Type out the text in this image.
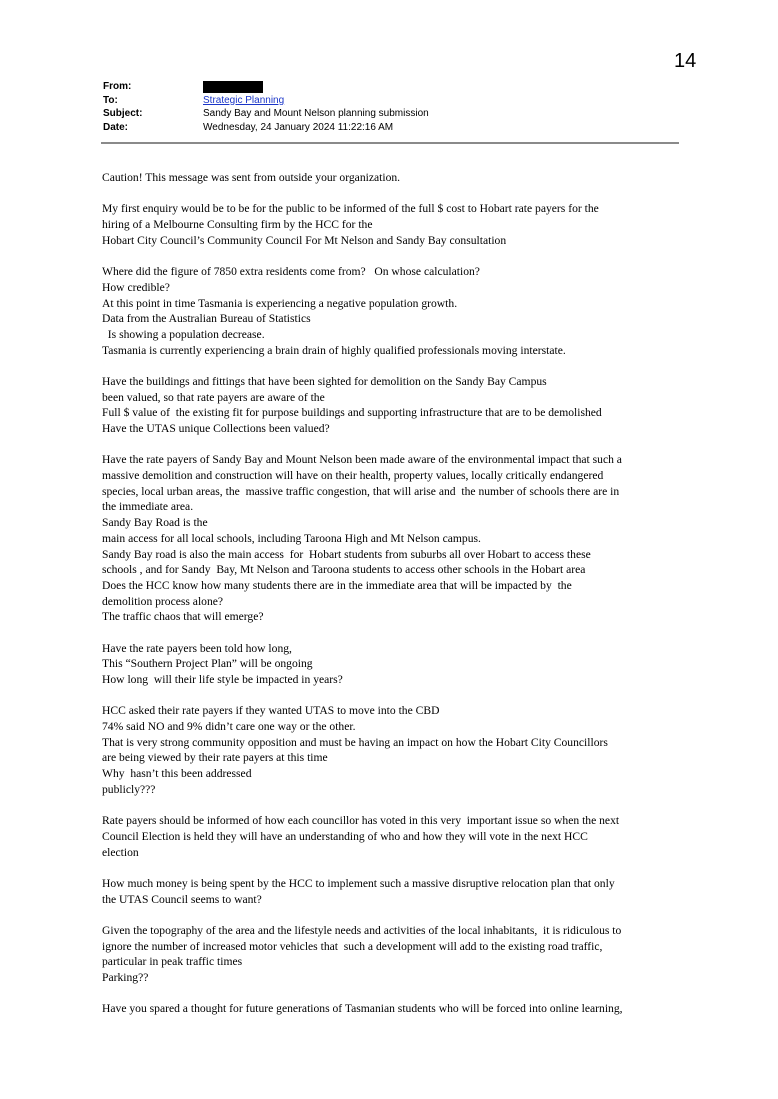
14
From:
To:	Strategic Planning
Subject:	Sandy Bay and Mount Nelson planning submission
Date:	Wednesday, 24 January 2024 11:22:16 AM
Caution! This message was sent from outside your organization.
My first enquiry would be to be for the public to be informed of the full $ cost to Hobart rate payers for the
hiring of a Melbourne Consulting firm by the HCC for the
Hobart City Council’s Community Council For Mt Nelson and Sandy Bay consultation
Where did the figure of 7850 extra residents come from?   On whose calculation?
How credible?
At this point in time Tasmania is experiencing a negative population growth.
Data from the Australian Bureau of Statistics
Is showing a population decrease.
Tasmania is currently experiencing a brain drain of highly qualified professionals moving interstate.
Have the buildings and fittings that have been sighted for demolition on the Sandy Bay Campus
been valued, so that rate payers are aware of the
Full $ value of  the existing fit for purpose buildings and supporting infrastructure that are to be demolished
Have the UTAS unique Collections been valued?
Have the rate payers of Sandy Bay and Mount Nelson been made aware of the environmental impact that such a
massive demolition and construction will have on their health, property values, locally critically endangered
species, local urban areas, the  massive traffic congestion, that will arise and  the number of schools there are in
the immediate area.
Sandy Bay Road is the
main access for all local schools, including Taroona High and Mt Nelson campus.
Sandy Bay road is also the main access  for  Hobart students from suburbs all over Hobart to access these
schools , and for Sandy  Bay, Mt Nelson and Taroona students to access other schools in the Hobart area
Does the HCC know how many students there are in the immediate area that will be impacted by  the
demolition process alone?
The traffic chaos that will emerge?
Have the rate payers been told how long,
This “Southern Project Plan” will be ongoing
How long  will their life style be impacted in years?
HCC asked their rate payers if they wanted UTAS to move into the CBD
74% said NO and 9% didn’t care one way or the other.
That is very strong community opposition and must be having an impact on how the Hobart City Councillors
are being viewed by their rate payers at this time
Why  hasn’t this been addressed
publicly???
Rate payers should be informed of how each councillor has voted in this very  important issue so when the next
Council Election is held they will have an understanding of who and how they will vote in the next HCC
election
How much money is being spent by the HCC to implement such a massive disruptive relocation plan that only
the UTAS Council seems to want?
Given the topography of the area and the lifestyle needs and activities of the local inhabitants,  it is ridiculous to
ignore the number of increased motor vehicles that  such a development will add to the existing road traffic,
particular in peak traffic times
Parking??
Have you spared a thought for future generations of Tasmanian students who will be forced into online learning,
